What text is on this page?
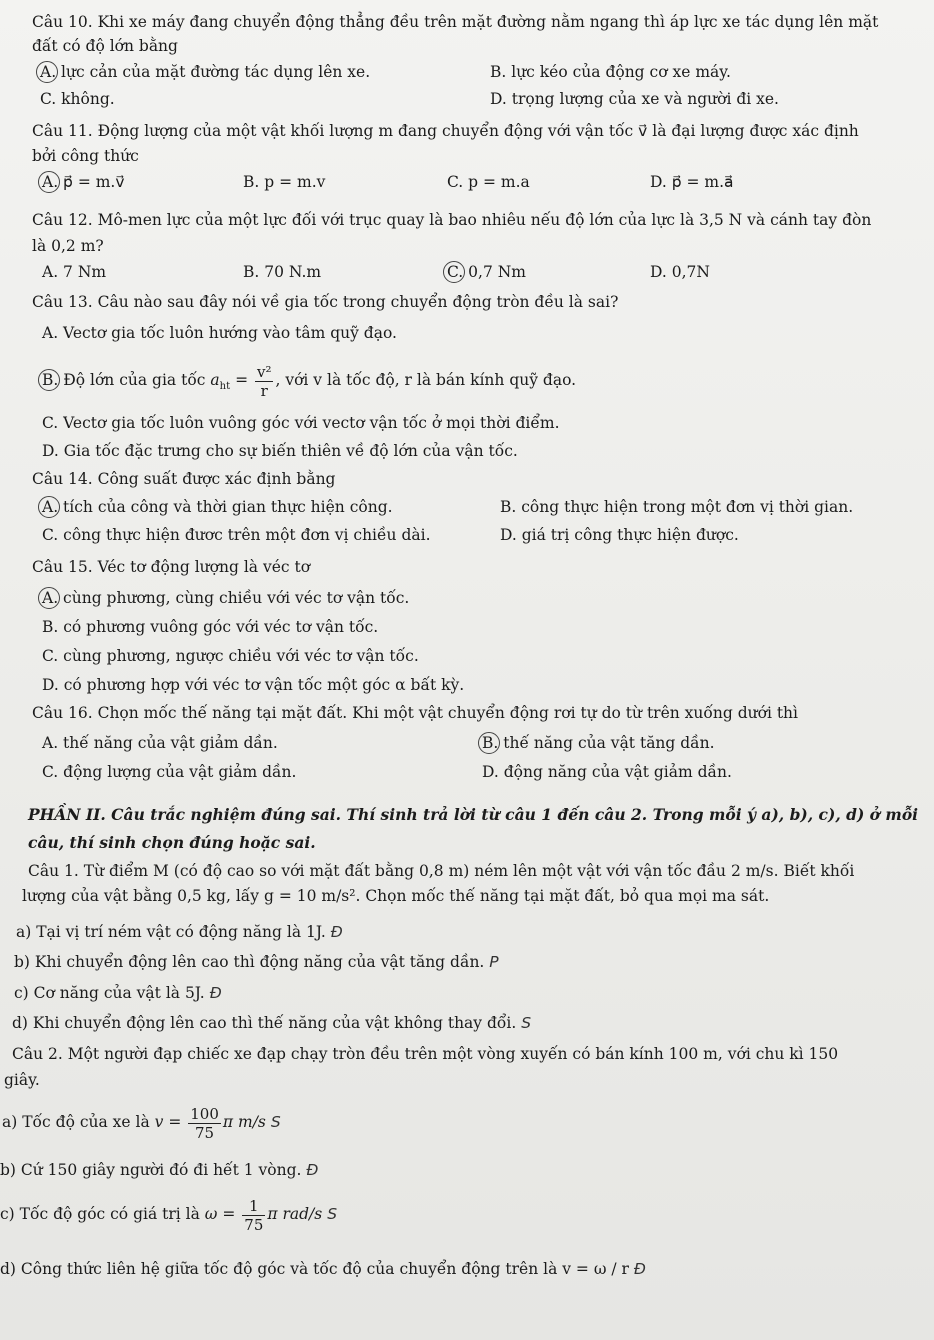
Câu 10. Khi xe máy đang chuyển động thẳng đều trên mặt đường nằm ngang thì áp lực xe tác dụng lên mặt
đất có độ lớn bằng
A. lực cản của mặt đường tác dụng lên xe.	B. lực kéo của động cơ xe máy.
C. không.	D. trọng lượng của xe và người đi xe.
Câu 11. Động lượng của một vật khối lượng m đang chuyển động với vận tốc v⃗ là đại lượng được xác định
bởi công thức
A. p⃗ = m.v⃗	B. p = m.v	C. p = m.a	D. p⃗ = m.a⃗
Câu 12. Mô-men lực của một lực đối với trục quay là bao nhiêu nếu độ lớn của lực là 3,5 N và cánh tay đòn
là 0,2 m?
A. 7 Nm	B. 70 N.m	C. 0,7 Nm	D. 0,7N
Câu 13. Câu nào sau đây nói về gia tốc trong chuyển động tròn đều là sai?
A. Vectơ gia tốc luôn hướng vào tâm quỹ đạo.
B. Độ lớn của gia tốc $a_{ht} = \frac{\text{v²}}{r}$ , với v là tốc độ, r là bán kính quỹ đạo.
C. Vectơ gia tốc luôn vuông góc với vectơ vận tốc ở mọi thời điểm.
D. Gia tốc đặc trưng cho sự biến thiên về độ lớn của vận tốc.
Câu 14. Công suất được xác định bằng
A. tích của công và thời gian thực hiện công.	B. công thực hiện trong một đơn vị thời gian.
C. công thực hiện đươc trên một đơn vị chiều dài.	D. giá trị công thực hiện được.
Câu 15. Véc tơ động lượng là véc tơ
A. cùng phương, cùng chiều với véc tơ vận tốc.
B. có phương vuông góc với véc tơ vận tốc.
C. cùng phương, ngược chiều với véc tơ vận tốc.
D. có phương hợp với véc tơ vận tốc một góc α bất kỳ.
Câu 16. Chọn mốc thế năng tại mặt đất. Khi một vật chuyển động rơi tự do từ trên xuống dưới thì
A. thế năng của vật giảm dần.	B. thế năng của vật tăng dần.
C. động lượng của vật giảm dần.	D. động năng của vật giảm dần.
PHẦN II. Câu trắc nghiệm đúng sai. Thí sinh trả lời từ câu 1 đến câu 2. Trong mỗi ý a), b), c), d) ở mỗi
câu, thí sinh chọn đúng hoặc sai.
Câu 1. Từ điểm M (có độ cao so với mặt đất bằng 0,8 m) ném lên một vật với vận tốc đầu 2 m/s. Biết khối
lượng của vật bằng 0,5 kg, lấy g = 10 m/s². Chọn mốc thế năng tại mặt đất, bỏ qua mọi ma sát.
a) Tại vị trí ném vật có động năng là 1J. Đ
b) Khi chuyển động lên cao thì động năng của vật tăng dần. P
c) Cơ năng của vật là 5J. Đ
d) Khi chuyển động lên cao thì thế năng của vật không thay đổi. S
Câu 2. Một người đạp chiếc xe đạp chạy tròn đều trên một vòng xuyến có bán kính 100 m, với chu kì 150
giây.
a) Tốc độ của xe là $v = \frac{100}{75}$ π m/s S
b) Cứ 150 giây người đó đi hết 1 vòng. Đ
c) Tốc độ góc có giá trị là $\omega = \frac{1}{75}$ π rad/s S
d) Công thức liên hệ giữa tốc độ góc và tốc độ của chuyển động trên là v = ω / r Đ
